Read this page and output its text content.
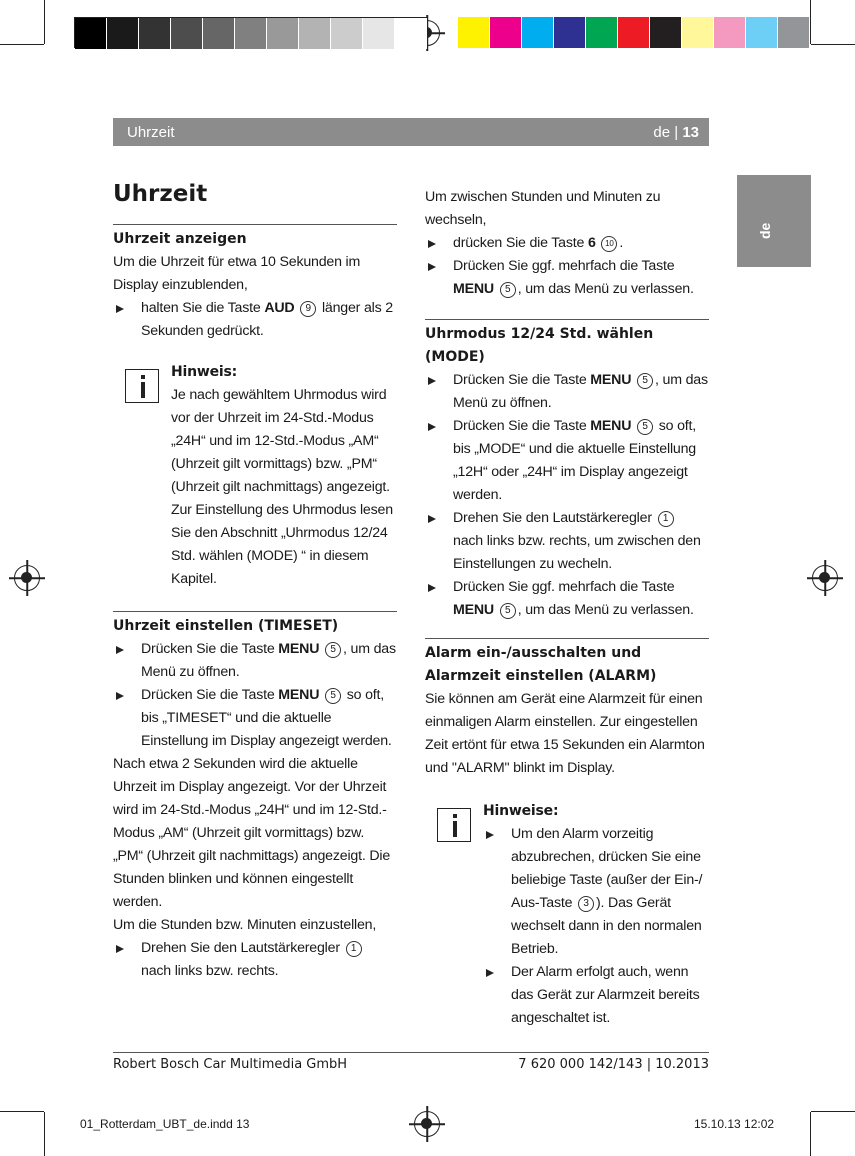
Uhrzeit	de | 13
de
Uhrzeit
Uhrzeit anzeigen
Um die Uhrzeit für etwa 10 Sekunden im Display einzublenden,
halten Sie die Taste AUD 9 länger als 2 Sekunden gedrückt.
Hinweis:
Je nach gewähltem Uhrmodus wird vor der Uhrzeit im 24-Std.-Modus „24H“ und im 12-Std.-Modus „AM“ (Uhrzeit gilt vormittags) bzw. „PM“ (Uhrzeit gilt nachmittags) angezeigt. Zur Einstellung des Uhrmodus lesen Sie den Abschnitt „Uhrmodus 12/24 Std. wählen (MODE) “ in diesem Kapitel.
Uhrzeit einstellen (TIMESET)
Drücken Sie die Taste MENU 5 , um das Menü zu öffnen.
Drücken Sie die Taste MENU 5 so oft, bis „TIMESET“ und die aktuelle Einstellung im Display angezeigt werden.
Nach etwa 2 Sekunden wird die aktuelle Uhrzeit im Display angezeigt. Vor der Uhrzeit wird im 24-Std.-Modus „24H“ und im 12-Std.-Modus „AM“ (Uhrzeit gilt vormittags) bzw. „PM“ (Uhrzeit gilt nachmittags) angezeigt. Die Stunden blinken und können eingestellt werden.
Um die Stunden bzw. Minuten einzustellen,
Drehen Sie den Lautstärkeregler 1 nach links bzw. rechts.
Um zwischen Stunden und Minuten zu wechseln,
drücken Sie die Taste 6 10 .
Drücken Sie ggf. mehrfach die Taste MENU 5 , um das Menü zu verlassen.
Uhrmodus 12/24 Std. wählen (MODE)
Drücken Sie die Taste MENU 5 , um das Menü zu öffnen.
Drücken Sie die Taste MENU 5 so oft, bis „MODE“ und die aktuelle Einstellung „12H“ oder „24H“ im Display angezeigt werden.
Drehen Sie den Lautstärkeregler 1 nach links bzw. rechts, um zwischen den Einstellungen zu wecheln.
Drücken Sie ggf. mehrfach die Taste MENU 5 , um das Menü zu verlassen.
Alarm ein-/ausschalten und Alarmzeit einstellen (ALARM)
Sie können am Gerät eine Alarmzeit für einen einmaligen Alarm einstellen. Zur eingestellen Zeit ertönt für etwa 15 Sekunden ein Alarmton und "ALARM" blinkt im Display.
Hinweise:
Um den Alarm vorzeitig abzubrechen, drücken Sie eine beliebige Taste (außer der Ein-/ Aus-Taste 3 ). Das Gerät wechselt dann in den normalen Betrieb.
Der Alarm erfolgt auch, wenn das Gerät zur Alarmzeit bereits angeschaltet ist.
Robert Bosch Car Multimedia GmbH	7 620 000 142/143 | 10.2013
01_Rotterdam_UBT_de.indd 13	15.10.13 12:02
